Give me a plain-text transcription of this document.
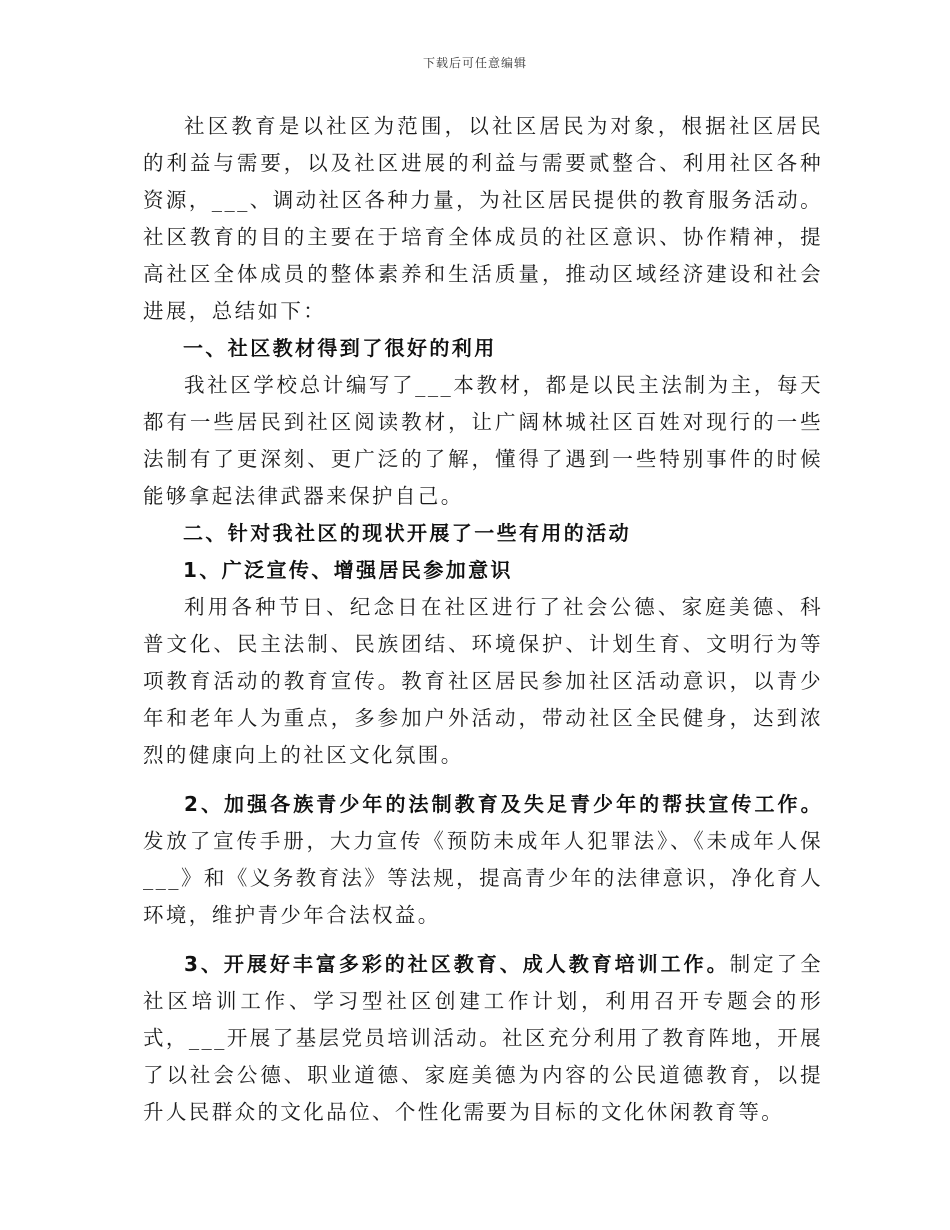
下载后可任意编辑

社区教育是以社区为范围，以社区居民为对象，根据社区居民的利益与需要，以及社区进展的利益与需要贰整合、利用社区各种资源，___、调动社区各种力量，为社区居民提供的教育服务活动。社区教育的目的主要在于培育全体成员的社区意识、协作精神，提高社区全体成员的整体素养和生活质量，推动区域经济建设和社会进展，总结如下：

一、社区教材得到了很好的利用

我社区学校总计编写了___本教材，都是以民主法制为主，每天都有一些居民到社区阅读教材，让广阔林城社区百姓对现行的一些法制有了更深刻、更广泛的了解，懂得了遇到一些特别事件的时候能够拿起法律武器来保护自己。

二、针对我社区的现状开展了一些有用的活动

1、广泛宣传、增强居民参加意识

利用各种节日、纪念日在社区进行了社会公德、家庭美德、科普文化、民主法制、民族团结、环境保护、计划生育、文明行为等项教育活动的教育宣传。教育社区居民参加社区活动意识，以青少年和老年人为重点，多参加户外活动，带动社区全民健身，达到浓烈的健康向上的社区文化氛围。

2、加强各族青少年的法制教育及失足青少年的帮扶宣传工作。发放了宣传手册，大力宣传《预防未成年人犯罪法》、《未成年人保___》和《义务教育法》等法规，提高青少年的法律意识，净化育人环境，维护青少年合法权益。

3、开展好丰富多彩的社区教育、成人教育培训工作。制定了全社区培训工作、学习型社区创建工作计划，利用召开专题会的形式，___开展了基层党员培训活动。社区充分利用了教育阵地，开展了以社会公德、职业道德、家庭美德为内容的公民道德教育，以提升人民群众的文化品位、个性化需要为目标的文化休闲教育等。
